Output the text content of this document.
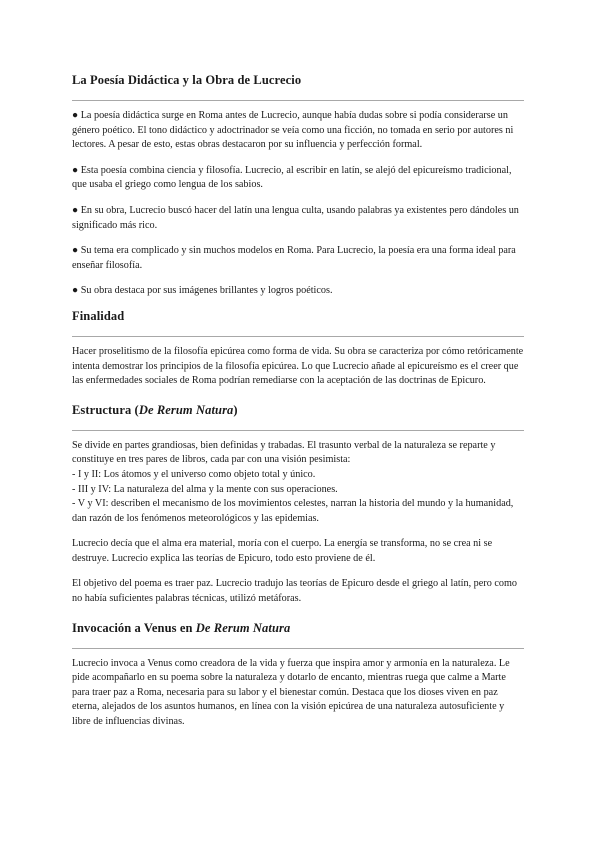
La Poesía Didáctica y la Obra de Lucrecio

● La poesía didáctica surge en Roma antes de Lucrecio, aunque había dudas sobre si podía considerarse un género poético. El tono didáctico y adoctrinador se veía como una ficción, no tomada en serio por autores ni lectores. A pesar de esto, estas obras destacaron por su influencia y perfección formal.

● Esta poesía combina ciencia y filosofía. Lucrecio, al escribir en latín, se alejó del epicureísmo tradicional, que usaba el griego como lengua de los sabios.

● En su obra, Lucrecio buscó hacer del latín una lengua culta, usando palabras ya existentes pero dándoles un significado más rico.

● Su tema era complicado y sin muchos modelos en Roma. Para Lucrecio, la poesía era una forma ideal para enseñar filosofía.

● Su obra destaca por sus imágenes brillantes y logros poéticos.

Finalidad

Hacer proselitismo de la filosofía epicúrea como forma de vida. Su obra se caracteriza por cómo retóricamente intenta demostrar los principios de la filosofía epicúrea. Lo que Lucrecio añade al epicureísmo es el creer que las enfermedades sociales de Roma podrían remediarse con la aceptación de las doctrinas de Epicuro.

Estructura (De Rerum Natura)

Se divide en partes grandiosas, bien definidas y trabadas. El trasunto verbal de la naturaleza se reparte y constituye en tres pares de libros, cada par con una visión pesimista:
- I y II: Los átomos y el universo como objeto total y único.
- III y IV: La naturaleza del alma y la mente con sus operaciones.
- V y VI: describen el mecanismo de los movimientos celestes, narran la historia del mundo y la humanidad, dan razón de los fenómenos meteorológicos y las epidemias.

Lucrecio decía que el alma era material, moría con el cuerpo. La energía se transforma, no se crea ni se destruye. Lucrecio explica las teorías de Epicuro, todo esto proviene de él.

El objetivo del poema es traer paz. Lucrecio tradujo las teorías de Epicuro desde el griego al latín, pero como no había suficientes palabras técnicas, utilizó metáforas.

Invocación a Venus en De Rerum Natura

Lucrecio invoca a Venus como creadora de la vida y fuerza que inspira amor y armonía en la naturaleza. Le pide acompañarlo en su poema sobre la naturaleza y dotarlo de encanto, mientras ruega que calme a Marte para traer paz a Roma, necesaria para su labor y el bienestar común. Destaca que los dioses viven en paz eterna, alejados de los asuntos humanos, en línea con la visión epicúrea de una naturaleza autosuficiente y libre de influencias divinas.
